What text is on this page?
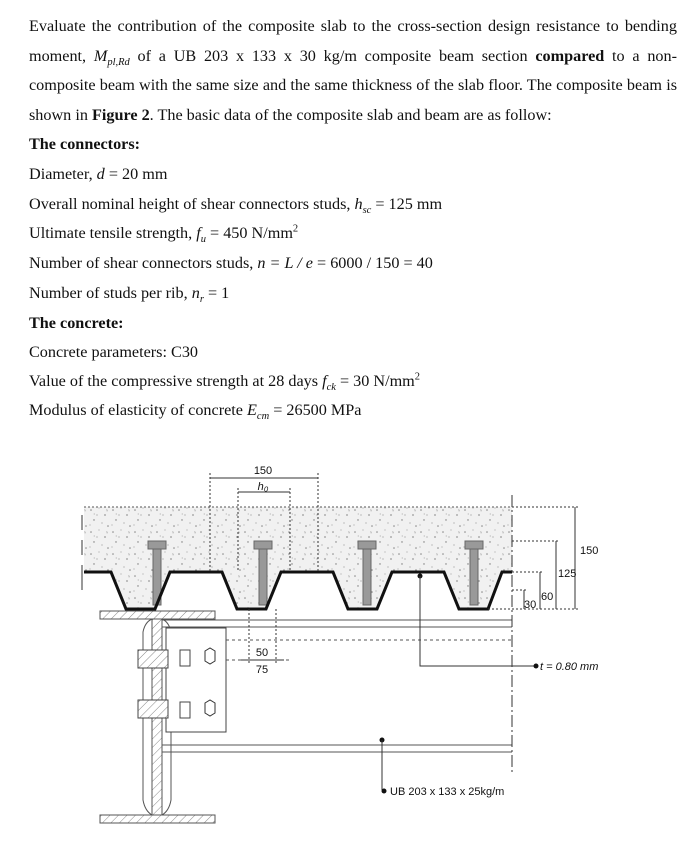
Evaluate the contribution of the composite slab to the cross-section design resistance to bending moment, $M_{pl,Rd}$ of a UB 203 x 133 x 30 kg/m composite beam section compared to a non-composite beam with the same size and the same thickness of the slab floor. The composite beam is shown in Figure 2. The basic data of the composite slab and beam are as follow:

The connectors:
Diameter, d = 20 mm
Overall nominal height of shear connectors studs, $h_{sc} = 125$ mm
Ultimate tensile strength, $f_u = 450$ $N/mm^2$
Number of shear connectors studs, n = L / e = 6000 / 150 = 40
Number of studs per rib, $n_r = 1$
The concrete:
Concrete parameters: C30
Value of the compressive strength at 28 days $f_{ck} = 30$ $N/mm^2$
Modulus of elasticity of concrete $E_{cm} = 26500$ MPa
150
h₀
150
125
60
30
50
75	t = 0.80 mm
UB 203 x 133 x 25kg/m
